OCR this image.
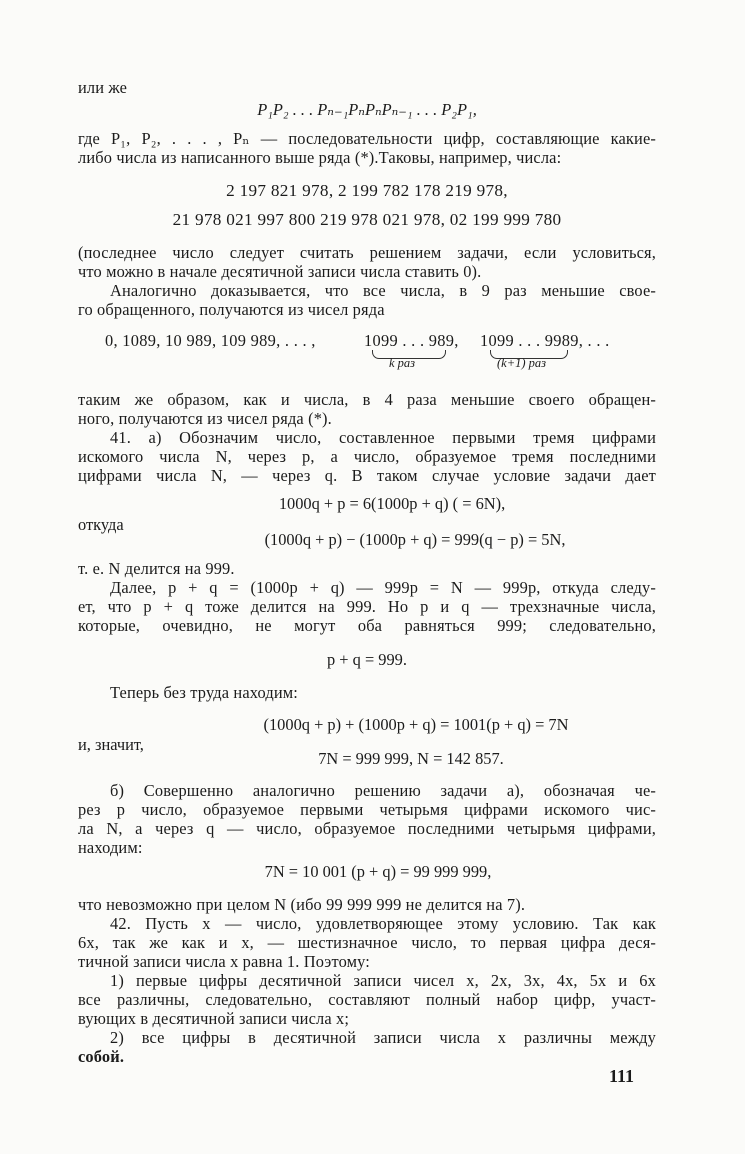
или же
P₁P₂ . . . Pₙ₋₁PₙPₙPₙ₋₁ . . . P₂P₁,
где P₁, P₂, . . . , Pₙ — последовательности цифр, составляющие какие-
либо числа из написанного выше ряда (*).Таковы, например, числа:
2 197 821 978, 2 199 782 178 219 978,
21 978 021 997 800 219 978 021 978, 02 199 999 780
(последнее число следует считать решением задачи, если условиться,
что можно в начале десятичной записи числа ставить 0).
Аналогично доказывается, что все числа, в 9 раз меньшие свое-
го обращенного, получаются из чисел ряда
0, 1089, 10 989, 109 989, . . . ,	1099 . . . 989, 1099 . . . 9989, . . .
k раз	(k+1) раз
таким же образом, как и числа, в 4 раза меньшие своего обращен-
ного, получаются из чисел ряда (*).
41. а) Обозначим число, составленное первыми тремя цифрами
искомого числа N, через p, а число, образуемое тремя последними
цифрами числа N, — через q. В таком случае условие задачи дает
1000q + p = 6(1000p + q) ( = 6N),
откуда
(1000q + p) − (1000p + q) = 999(q − p) = 5N,
т. е. N делится на 999.
Далее, p + q = (1000p + q) — 999p = N — 999p, откуда следу-
ет, что p + q тоже делится на 999. Но p и q — трехзначные числа,
которые, очевидно, не могут оба равняться 999; следовательно,
p + q = 999.
Теперь без труда находим:
(1000q + p) + (1000p + q) = 1001(p + q) = 7N
и, значит,
7N = 999 999, N = 142 857.
б) Совершенно аналогично решению задачи а), обозначая че-
рез p число, образуемое первыми четырьмя цифрами искомого чис-
ла N, а через q — число, образуемое последними четырьмя цифрами,
находим:
7N = 10 001 (p + q) = 99 999 999,
что невозможно при целом N (ибо 99 999 999 не делится на 7).
42. Пусть x — число, удовлетворяющее этому условию. Так как
6x, так же как и x, — шестизначное число, то первая цифра деся-
тичной записи числа x равна 1. Поэтому:
1) первые цифры десятичной записи чисел x, 2x, 3x, 4x, 5x и 6x
все различны, следовательно, составляют полный набор цифр, участ-
вующих в десятичной записи числа x;
2) все цифры в десятичной записи числа x различны между
собой.
111
